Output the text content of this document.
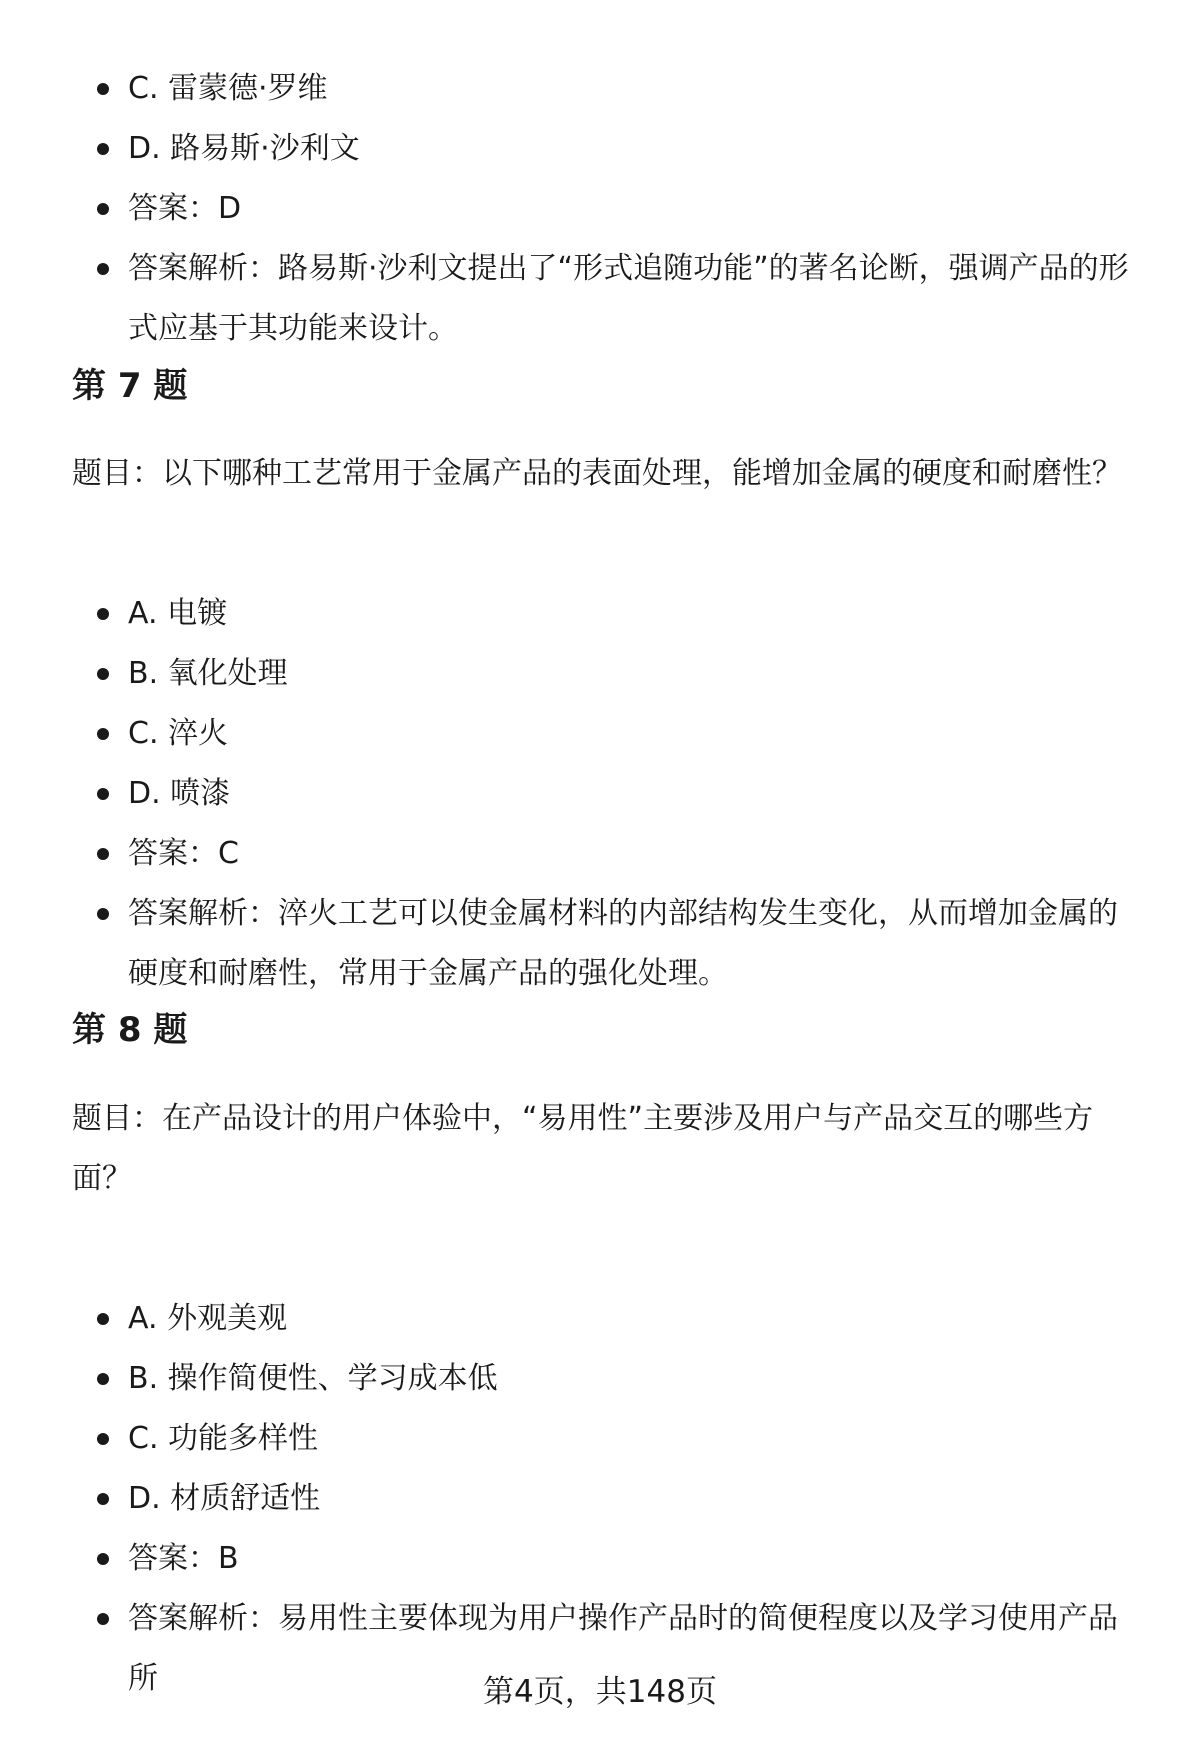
C. 雷蒙德·罗维
D. 路易斯·沙利文
答案：D
答案解析：路易斯·沙利文提出了“形式追随功能”的著名论断，强调产品的形式应基于其功能来设计。
第 7 题
题目：以下哪种工艺常用于金属产品的表面处理，能增加金属的硬度和耐磨性？
A. 电镀
B. 氧化处理
C. 淬火
D. 喷漆
答案：C
答案解析：淬火工艺可以使金属材料的内部结构发生变化，从而增加金属的硬度和耐磨性，常用于金属产品的强化处理。
第 8 题
题目：在产品设计的用户体验中，“易用性”主要涉及用户与产品交互的哪些方面？
A. 外观美观
B. 操作简便性、学习成本低
C. 功能多样性
D. 材质舒适性
答案：B
答案解析：易用性主要体现为用户操作产品时的简便程度以及学习使用产品所	第4页，共148页
